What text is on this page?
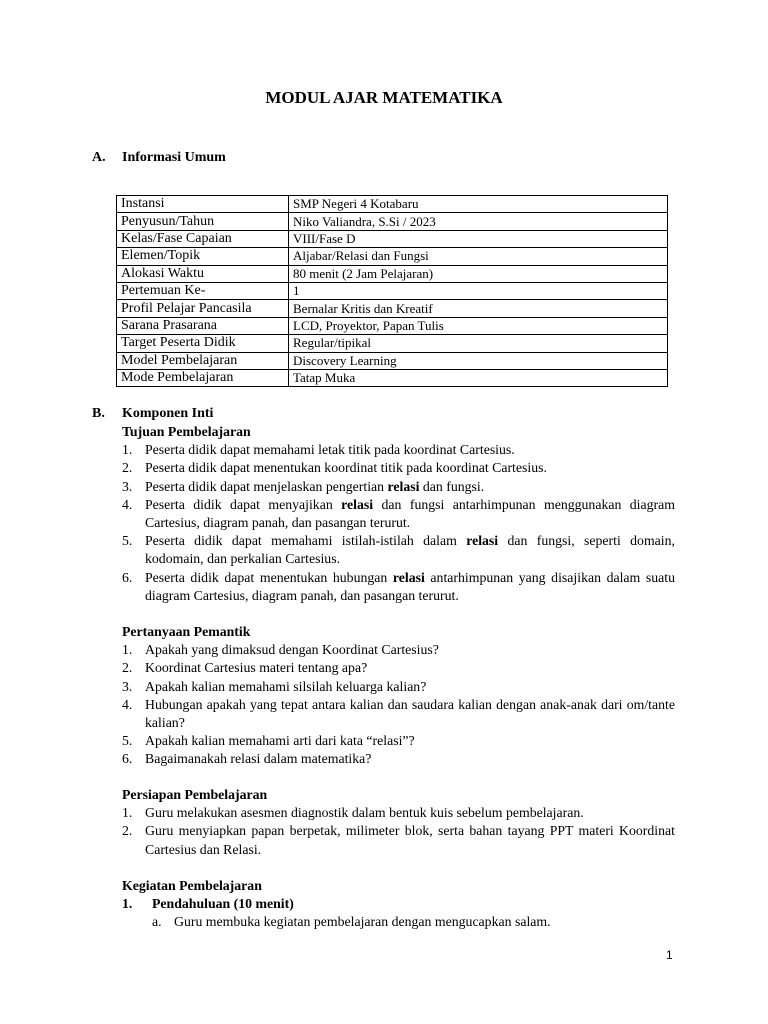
MODUL AJAR MATEMATIKA
A. Informasi Umum
Instansi	SMP Negeri 4 Kotabaru
Penyusun/Tahun	Niko Valiandra, S.Si / 2023
Kelas/Fase Capaian	VIII/Fase D
Elemen/Topik	Aljabar/Relasi dan Fungsi
Alokasi Waktu	80 menit (2 Jam Pelajaran)
Pertemuan Ke-	1
Profil Pelajar Pancasila	Bernalar Kritis dan Kreatif
Sarana Prasarana	LCD, Proyektor, Papan Tulis
Target Peserta Didik	Regular/tipikal
Model Pembelajaran	Discovery Learning
Mode Pembelajaran	Tatap Muka
B. Komponen Inti
Tujuan Pembelajaran
1. Peserta didik dapat memahami letak titik pada koordinat Cartesius.
2. Peserta didik dapat menentukan koordinat titik pada koordinat Cartesius.
3. Peserta didik dapat menjelaskan pengertian relasi dan fungsi.
4. Peserta didik dapat menyajikan relasi dan fungsi antarhimpunan menggunakan diagram Cartesius, diagram panah, dan pasangan terurut.
5. Peserta didik dapat memahami istilah-istilah dalam relasi dan fungsi, seperti domain, kodomain, dan perkalian Cartesius.
6. Peserta didik dapat menentukan hubungan relasi antarhimpunan yang disajikan dalam suatu diagram Cartesius, diagram panah, dan pasangan terurut.
Pertanyaan Pemantik
1. Apakah yang dimaksud dengan Koordinat Cartesius?
2. Koordinat Cartesius materi tentang apa?
3. Apakah kalian memahami silsilah keluarga kalian?
4. Hubungan apakah yang tepat antara kalian dan saudara kalian dengan anak-anak dari om/tante kalian?
5. Apakah kalian memahami arti dari kata “relasi”?
6. Bagaimanakah relasi dalam matematika?
Persiapan Pembelajaran
1. Guru melakukan asesmen diagnostik dalam bentuk kuis sebelum pembelajaran.
2. Guru menyiapkan papan berpetak, milimeter blok, serta bahan tayang PPT materi Koordinat Cartesius dan Relasi.
Kegiatan Pembelajaran
1. Pendahuluan (10 menit)
a. Guru membuka kegiatan pembelajaran dengan mengucapkan salam.
1
